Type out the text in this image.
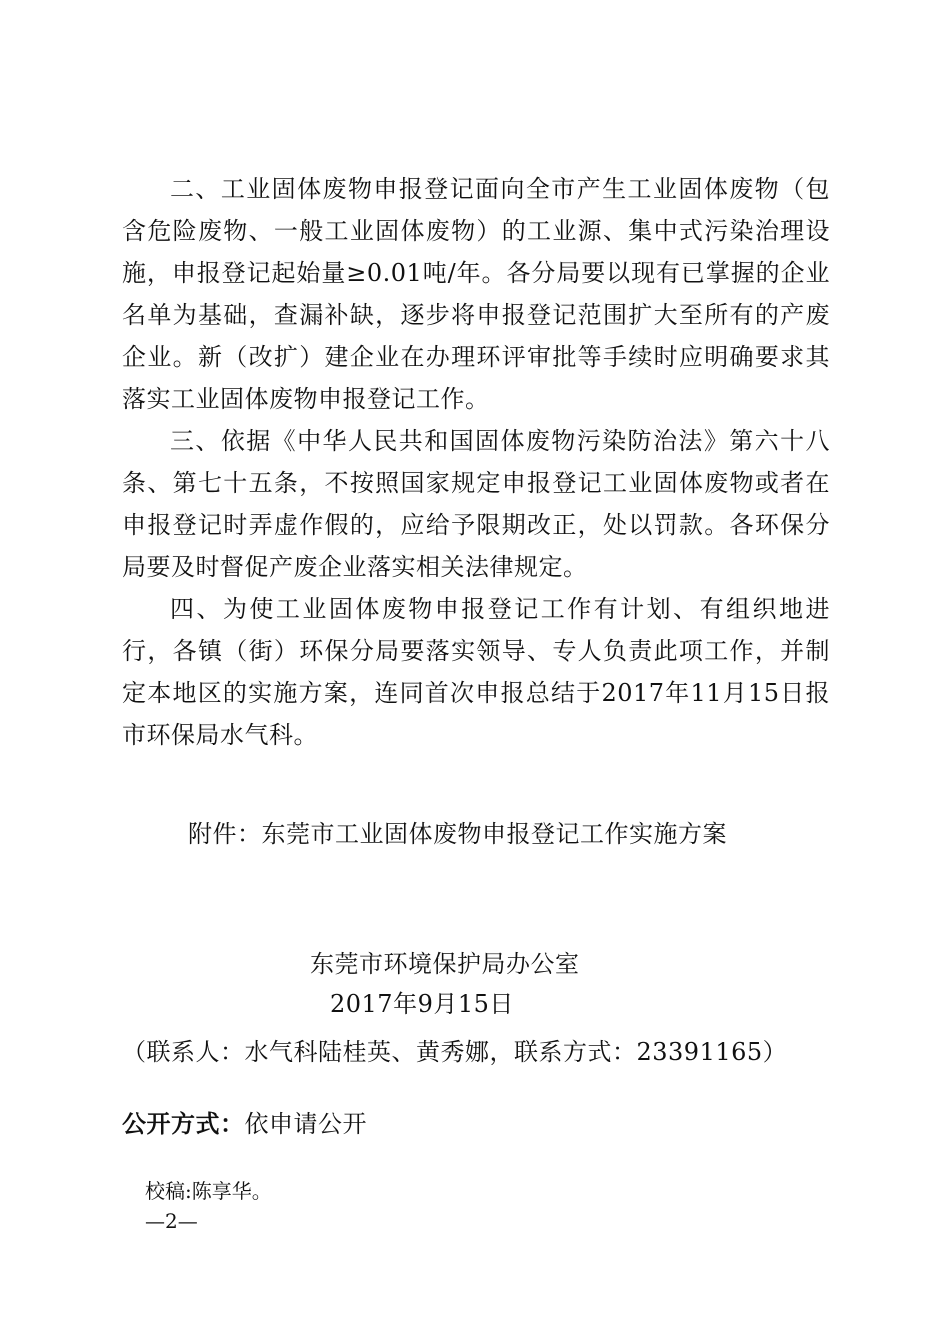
二、工业固体废物申报登记面向全市产生工业固体废物（包含危险废物、一般工业固体废物）的工业源、集中式污染治理设施，申报登记起始量≥0.01吨/年。各分局要以现有已掌握的企业名单为基础，查漏补缺，逐步将申报登记范围扩大至所有的产废企业。新（改扩）建企业在办理环评审批等手续时应明确要求其落实工业固体废物申报登记工作。

三、依据《中华人民共和国固体废物污染防治法》第六十八条、第七十五条，不按照国家规定申报登记工业固体废物或者在申报登记时弄虚作假的，应给予限期改正，处以罚款。各环保分局要及时督促产废企业落实相关法律规定。

四、为使工业固体废物申报登记工作有计划、有组织地进行，各镇（街）环保分局要落实领导、专人负责此项工作，并制定本地区的实施方案，连同首次申报总结于2017年11月15日报市环保局水气科。

附件：东莞市工业固体废物申报登记工作实施方案

东莞市环境保护局办公室

2017年9月15日

（联系人：水气科陆桂英、黄秀娜，联系方式：23391165）

公开方式：依申请公开

校稿:陈享华。

—2—
